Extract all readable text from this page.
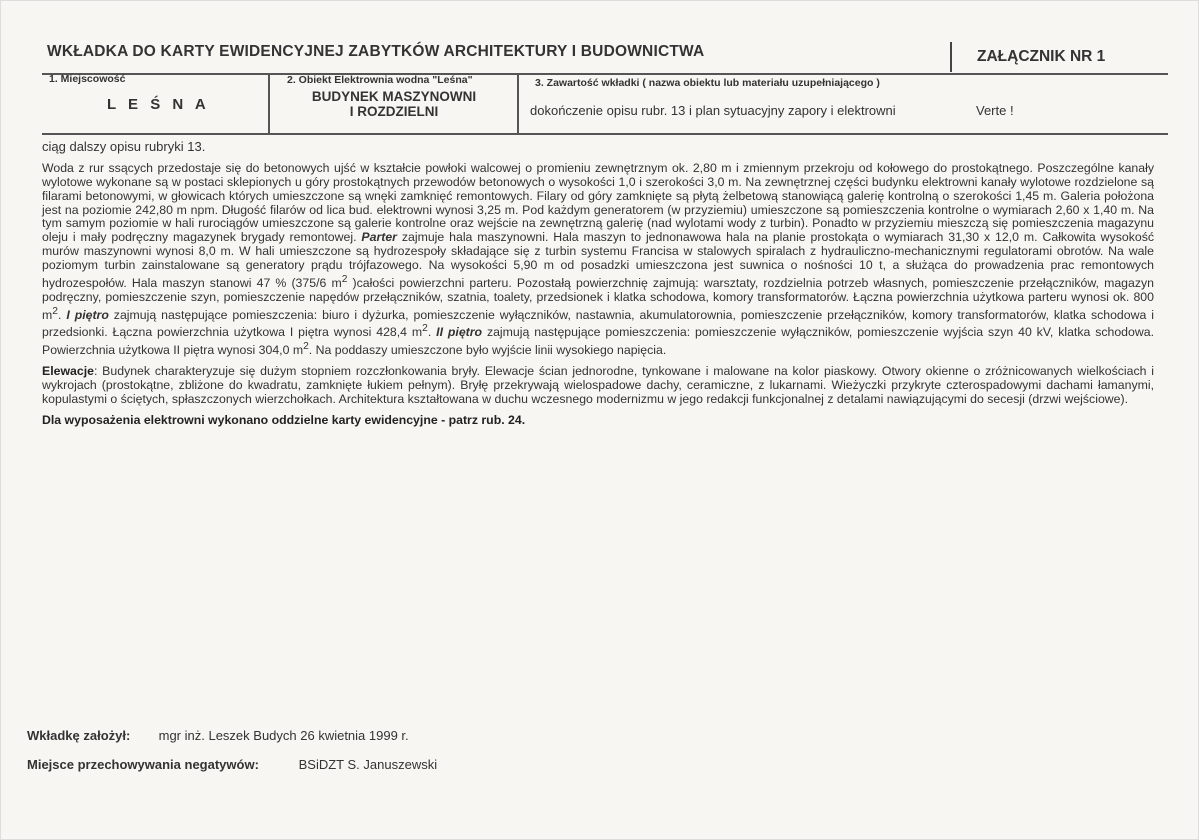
WKŁADKA DO KARTY EWIDENCYJNEJ ZABYTKÓW ARCHITEKTURY I BUDOWNICTWA	ZAŁĄCZNIK NR 1
1. Miejscowość
L E Ś N A
2. Obiekt Elektrownia wodna "Leśna"
BUDYNEK MASZYNOWNI
I ROZDZIELNI
3. Zawartość wkładki ( nazwa obiektu lub materiału uzupełniającego )
dokończenie opisu rubr. 13 i plan sytuacyjny zapory i elektrowni	Verte !
ciąg dalszy opisu rubryki 13.

Woda z rur ssących przedostaje się do betonowych ujść w kształcie powłoki walcowej o promieniu zewnętrznym ok. 2,80 m i zmiennym przekroju od kołowego do prostokątnego. Poszczególne kanały wylotowe wykonane są w postaci sklepionych u góry prostokątnych przewodów betonowych o wysokości 1,0 i szerokości 3,0 m. Na zewnętrznej części budynku elektrowni kanały wylotowe rozdzielone są filarami betonowymi, w głowicach których umieszczone są wnęki zamknięć remontowych. Filary od góry zamknięte są płytą żelbetową stanowiącą galerię kontrolną o szerokości 1,45 m. Galeria położona jest na poziomie 242,80 m npm. Długość filarów od lica bud. elektrowni wynosi 3,25 m. Pod każdym generatorem (w przyziemiu) umieszczone są pomieszczenia kontrolne o wymiarach 2,60 x 1,40 m. Na tym samym poziomie w hali rurociągów umieszczone są galerie kontrolne oraz wejście na zewnętrzną galerię (nad wylotami wody z turbin). Ponadto w przyziemiu mieszczą się pomieszczenia magazynu oleju i mały podręczny magazynek brygady remontowej. Parter zajmuje hala maszynowni. Hala maszyn to jednonawowa hala na planie prostokąta o wymiarach 31,30 x 12,0 m. Całkowita wysokość murów maszynowni wynosi 8,0 m. W hali umieszczone są hydrozespoły składające się z turbin systemu Francisa w stalowych spiralach z hydrauliczno-mechanicznymi regulatorami obrotów. Na wale poziomym turbin zainstalowane są generatory prądu trójfazowego. Na wysokości 5,90 m od posadzki umieszczona jest suwnica o nośności 10 t, a służąca do prowadzenia prac remontowych hydrozespołów. Hala maszyn stanowi 47 % (375/6 $m^2$ )całości powierzchni parteru. Pozostałą powierzchnię zajmują: warsztaty, rozdzielnia potrzeb własnych, pomieszczenie przełączników, magazyn podręczny, pomieszczenie szyn, pomieszczenie napędów przełączników, szatnia, toalety, przedsionek i klatka schodowa, komory transformatorów. Łączna powierzchnia użytkowa parteru wynosi ok. 800 $m^2$. I piętro zajmują następujące pomieszczenia: biuro i dyżurka, pomieszczenie wyłączników, nastawnia, akumulatorownia, pomieszczenie przełączników, komory transformatorów, klatka schodowa i przedsionki. Łączna powierzchnia użytkowa I piętra wynosi 428,4 $m^2$. II piętro zajmują następujące pomieszczenia: pomieszczenie wyłączników, pomieszczenie wyjścia szyn 40 kV, klatka schodowa. Powierzchnia użytkowa II piętra wynosi 304,0 $m^2$. Na poddaszy umieszczone było wyjście linii wysokiego napięcia.

Elewacje: Budynek charakteryzuje się dużym stopniem rozczłonkowania bryły. Elewacje ścian jednorodne, tynkowane i malowane na kolor piaskowy. Otwory okienne o zróżnicowanych wielkościach i wykrojach (prostokątne, zbliżone do kwadratu, zamknięte łukiem pełnym). Bryłę przekrywają wielospadowe dachy, ceramiczne, z lukarnami. Wieżyczki przykryte czterospadowymi dachami łamanymi, kopulastymi o ściętych, spłaszczonych wierzchołkach. Architektura kształtowana w duchu wczesnego modernizmu w jego redakcji funkcjonalnej z detalami nawiązującymi do secesji (drzwi wejściowe).

Dla wyposażenia elektrowni wykonano oddzielne karty ewidencyjne - patrz rub. 24.

Wkładkę założył: mgr inż. Leszek Budych 26 kwietnia 1999 r.
Miejsce przechowywania negatywów:	BSiDZT S. Januszewski
